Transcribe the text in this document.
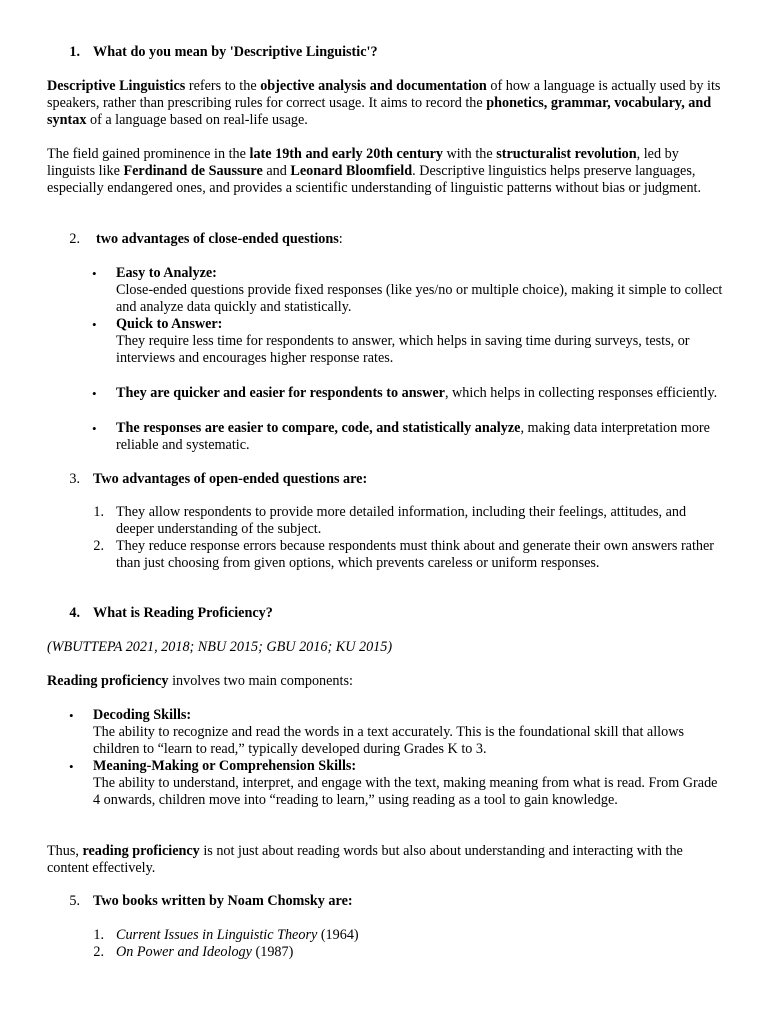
1. What do you mean by 'Descriptive Linguistic'?

Descriptive Linguistics refers to the objective analysis and documentation of how a language is actually used by its speakers, rather than prescribing rules for correct usage. It aims to record the phonetics, grammar, vocabulary, and syntax of a language based on real-life usage.

The field gained prominence in the late 19th and early 20th century with the structuralist revolution, led by linguists like Ferdinand de Saussure and Leonard Bloomfield. Descriptive linguistics helps preserve languages, especially endangered ones, and provides a scientific understanding of linguistic patterns without bias or judgment.

2. two advantages of close-ended questions:
• Easy to Analyze:
Close-ended questions provide fixed responses (like yes/no or multiple choice), making it simple to collect and analyze data quickly and statistically.
• Quick to Answer:
They require less time for respondents to answer, which helps in saving time during surveys, tests, or interviews and encourages higher response rates.
• They are quicker and easier for respondents to answer, which helps in collecting responses efficiently.
• The responses are easier to compare, code, and statistically analyze, making data interpretation more reliable and systematic.
3. Two advantages of open-ended questions are:
1. They allow respondents to provide more detailed information, including their feelings, attitudes, and deeper understanding of the subject.
2. They reduce response errors because respondents must think about and generate their own answers rather than just choosing from given options, which prevents careless or uniform responses.
4. What is Reading Proficiency?

(WBUTTEPA 2021, 2018; NBU 2015; GBU 2016; KU 2015)

Reading proficiency involves two main components:

• Decoding Skills:
The ability to recognize and read the words in a text accurately. This is the foundational skill that allows children to “learn to read,” typically developed during Grades K to 3.
• Meaning-Making or Comprehension Skills:
The ability to understand, interpret, and engage with the text, making meaning from what is read. From Grade 4 onwards, children move into “reading to learn,” using reading as a tool to gain knowledge.

Thus, reading proficiency is not just about reading words but also about understanding and interacting with the content effectively.

5. Two books written by Noam Chomsky are:
1. Current Issues in Linguistic Theory (1964)
2. On Power and Ideology (1987)
